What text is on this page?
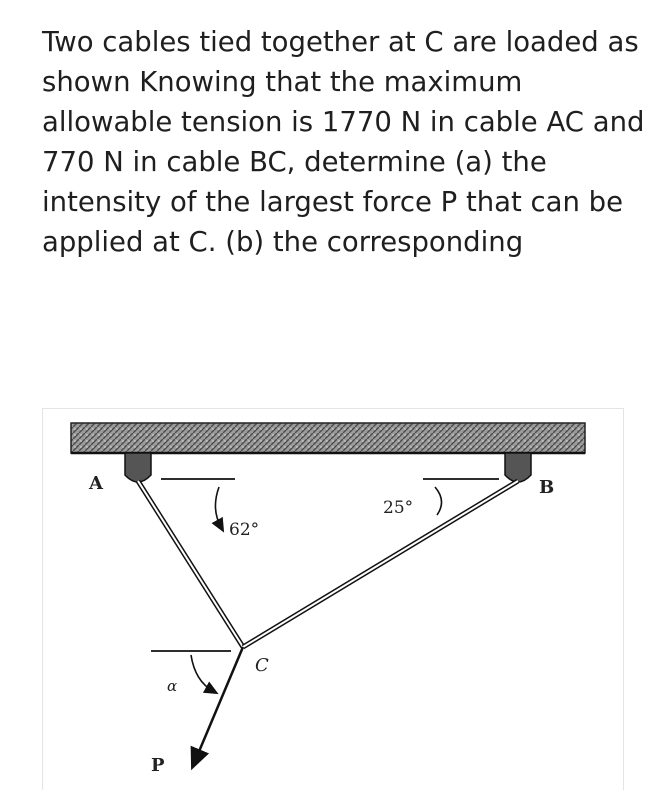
Two cables tied together at C are loaded as
shown Knowing that the maximum
allowable tension is 1770 N in cable AC and
770 N in cable BC, determine (a) the
intensity of the largest force P that can be
applied at C. (b) the corresponding
A	B
C
P
α
62°
25°
